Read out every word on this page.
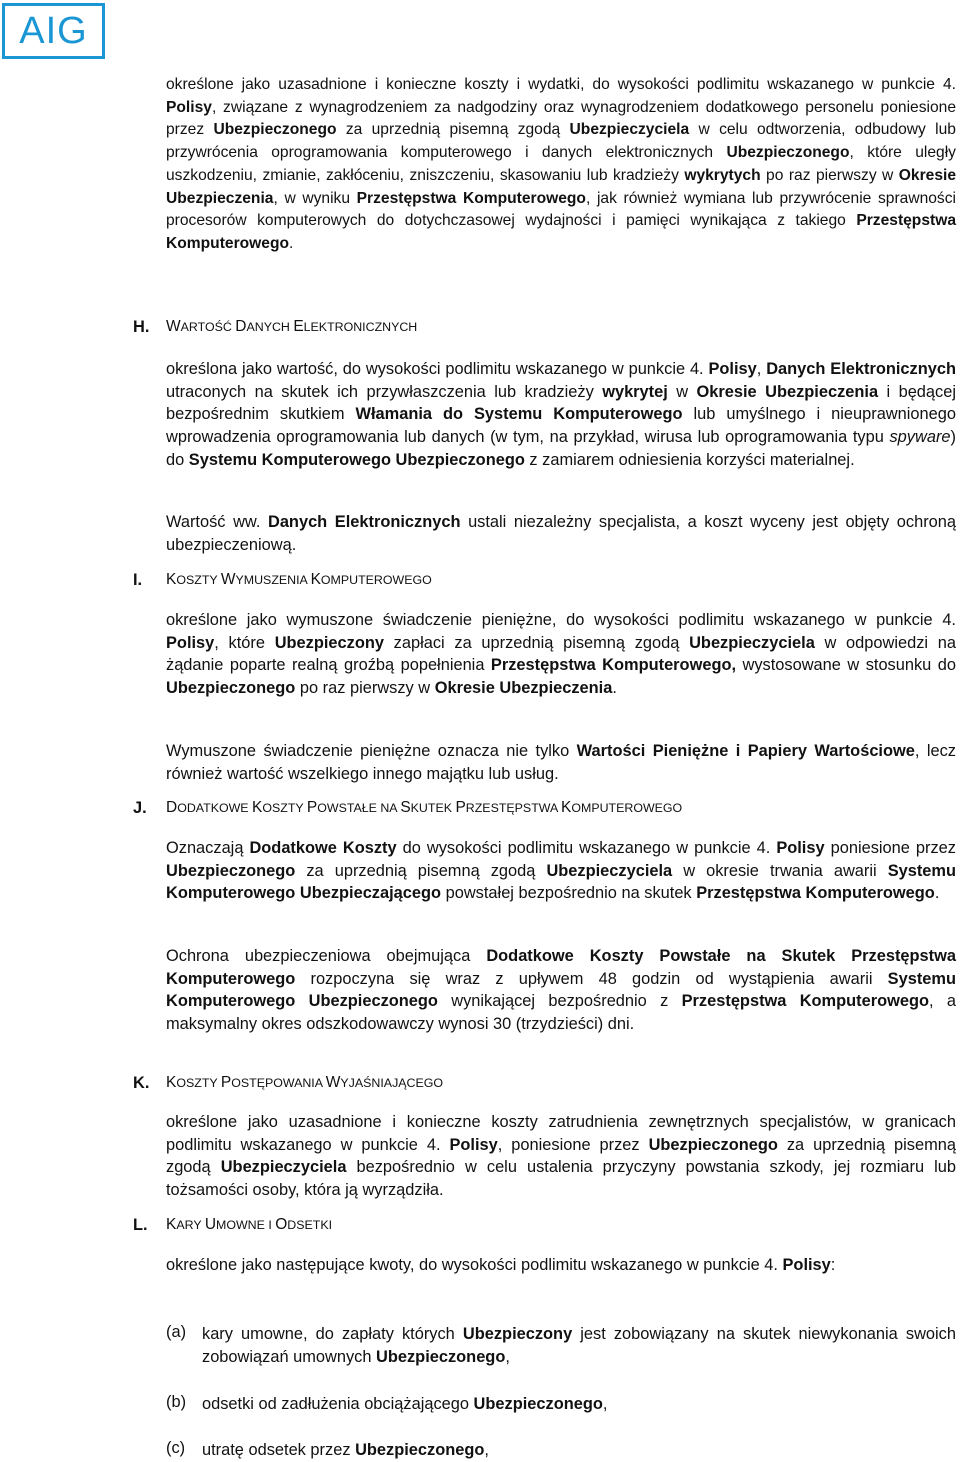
AIG
określone jako uzasadnione i konieczne koszty i wydatki, do wysokości podlimitu wskazanego w punkcie 4. Polisy, związane z wynagrodzeniem za nadgodziny oraz wynagrodzeniem dodatkowego personelu poniesione przez Ubezpieczonego za uprzednią pisemną zgodą Ubezpieczyciela w celu odtworzenia, odbudowy lub przywrócenia oprogramowania komputerowego i danych elektronicznych Ubezpieczonego, które uległy uszkodzeniu, zmianie, zakłóceniu, zniszczeniu, skasowaniu lub kradzieży wykrytych po raz pierwszy w Okresie Ubezpieczenia, w wyniku Przestępstwa Komputerowego, jak również wymiana lub przywrócenie sprawności procesorów komputerowych do dotychczasowej wydajności i pamięci wynikająca z takiego Przestępstwa Komputerowego.
H. WARTOŚĆ DANYCH ELEKTRONICZNYCH
określona jako wartość, do wysokości podlimitu wskazanego w punkcie 4. Polisy, Danych Elektronicznych utraconych na skutek ich przywłaszczenia lub kradzieży wykrytej w Okresie Ubezpieczenia i będącej bezpośrednim skutkiem Włamania do Systemu Komputerowego lub umyślnego i nieuprawnionego wprowadzenia oprogramowania lub danych (w tym, na przykład, wirusa lub oprogramowania typu spyware) do Systemu Komputerowego Ubezpieczonego z zamiarem odniesienia korzyści materialnej.
Wartość ww. Danych Elektronicznych ustali niezależny specjalista, a koszt wyceny jest objęty ochroną ubezpieczeniową.
I. KOSZTY WYMUSZENIA KOMPUTEROWEGO
określone jako wymuszone świadczenie pieniężne, do wysokości podlimitu wskazanego w punkcie 4. Polisy, które Ubezpieczony zapłaci za uprzednią pisemną zgodą Ubezpieczyciela w odpowiedzi na żądanie poparte realną groźbą popełnienia Przestępstwa Komputerowego, wystosowane w stosunku do Ubezpieczonego po raz pierwszy w Okresie Ubezpieczenia.
Wymuszone świadczenie pieniężne oznacza nie tylko Wartości Pieniężne i Papiery Wartościowe, lecz również wartość wszelkiego innego majątku lub usług.
J. DODATKOWE KOSZTY POWSTAŁE NA SKUTEK PRZESTĘPSTWA KOMPUTEROWEGO
Oznaczają Dodatkowe Koszty do wysokości podlimitu wskazanego w punkcie 4. Polisy poniesione przez Ubezpieczonego za uprzednią pisemną zgodą Ubezpieczyciela w okresie trwania awarii Systemu Komputerowego Ubezpieczającego powstałej bezpośrednio na skutek Przestępstwa Komputerowego.
Ochrona ubezpieczeniowa obejmująca Dodatkowe Koszty Powstałe na Skutek Przestępstwa Komputerowego rozpoczyna się wraz z upływem 48 godzin od wystąpienia awarii Systemu Komputerowego Ubezpieczonego wynikającej bezpośrednio z Przestępstwa Komputerowego, a maksymalny okres odszkodowawczy wynosi 30 (trzydzieści) dni.
K. KOSZTY POSTĘPOWANIA WYJAŚNIAJĄCEGO
określone jako uzasadnione i konieczne koszty zatrudnienia zewnętrznych specjalistów, w granicach podlimitu wskazanego w punkcie 4. Polisy, poniesione przez Ubezpieczonego za uprzednią pisemną zgodą Ubezpieczyciela bezpośrednio w celu ustalenia przyczyny powstania szkody, jej rozmiaru lub tożsamości osoby, która ją wyrządziła.
L. KARY UMOWNE I ODSETKI
określone jako następujące kwoty, do wysokości podlimitu wskazanego w punkcie 4. Polisy:
(a) kary umowne, do zapłaty których Ubezpieczony jest zobowiązany na skutek niewykonania swoich zobowiązań umownych Ubezpieczonego,
(b) odsetki od zadłużenia obciążającego Ubezpieczonego,
(c) utratę odsetek przez Ubezpieczonego,
